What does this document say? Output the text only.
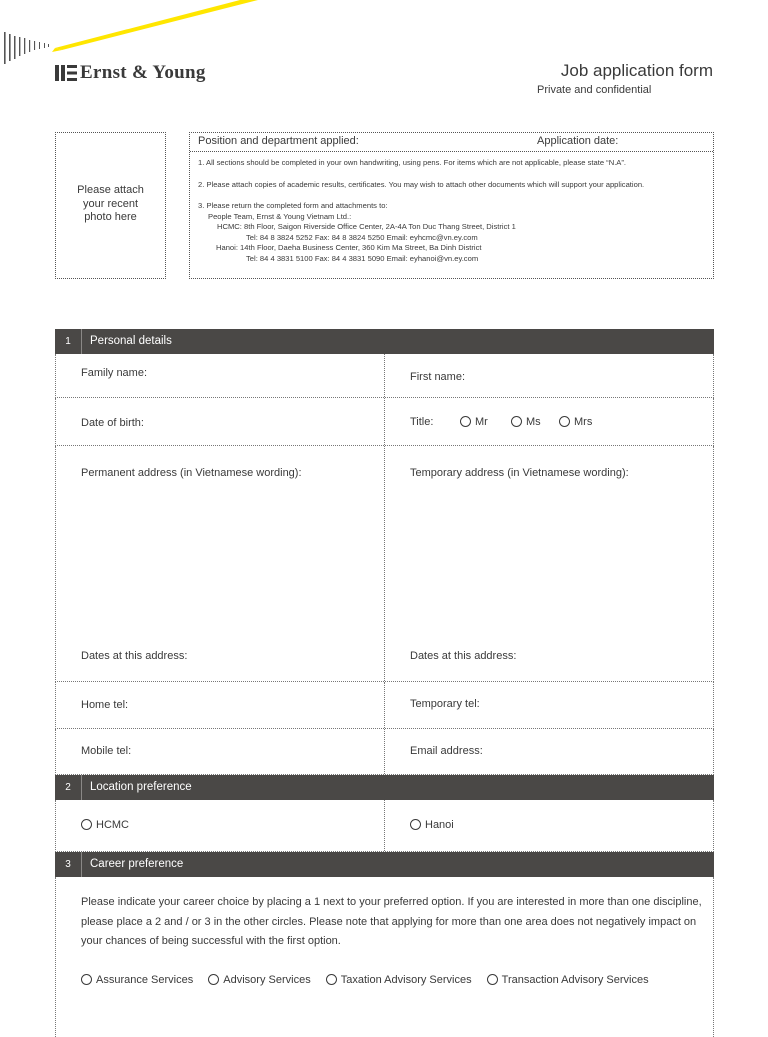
Ernst & Young	Job application form
Private and confidential
Please attach
your recent
photo here
Position and department applied:	Application date:
1. All sections should be completed in your own handwriting, using pens. For items which are not applicable, please state “N.A”.
2. Please attach copies of academic results, certificates. You may wish to attach other documents which will support your application.
3. Please return the completed form and attachments to:
People Team, Ernst & Young Vietnam Ltd.:
HCMC: 8th Floor, Saigon Riverside Office Center, 2A-4A Ton Duc Thang Street, District 1
Tel: 84 8 3824 5252 Fax: 84 8 3824 5250 Email: eyhcmc@vn.ey.com
Hanoi: 14th Floor, Daeha Business Center, 360 Kim Ma Street, Ba Dinh District
Tel: 84 4 3831 5100 Fax: 84 4 3831 5090 Email: eyhanoi@vn.ey.com
1	Personal details
Family name:	First name:
Date of birth:	Title:	Mr	Ms	Mrs
Permanent address (in Vietnamese wording):	Temporary address (in Vietnamese wording):
Dates at this address:	Dates at this address:
Home tel:	Temporary tel:
Mobile tel:	Email address:
2	Location preference
HCMC	Hanoi
3	Career preference
Please indicate your career choice by placing a 1 next to your preferred option. If you are interested in more than one discipline, please place a 2 and / or 3 in the other circles. Please note that applying for more than one area does not negatively impact on your chances of being successful with the first option.
Assurance Services	Advisory Services	Taxation Advisory Services	Transaction Advisory Services
